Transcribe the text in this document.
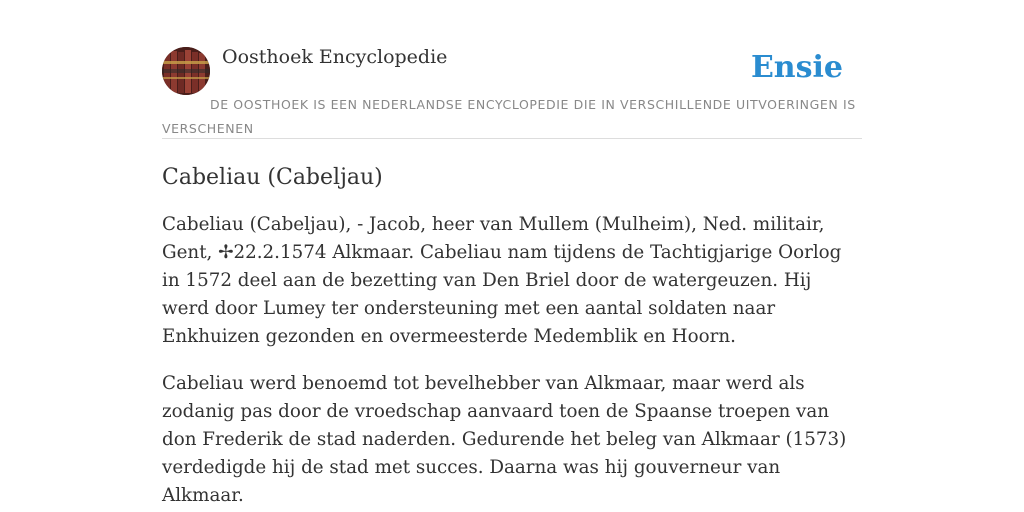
Oosthoek Encyclopedie	Ensie
DE OOSTHOEK IS EEN NEDERLANDSE ENCYCLOPEDIE DIE IN VERSCHILLENDE UITVOERINGEN IS VERSCHENEN
Cabeliau (Cabeljau)

Cabeliau (Cabeljau), - Jacob, heer van Mullem (Mulheim), Ned. militair, Gent, ✢22.2.1574 Alkmaar. Cabeliau nam tijdens de Tachtigjarige Oorlog in 1572 deel aan de bezetting van Den Briel door de watergeuzen. Hij werd door Lumey ter ondersteuning met een aantal soldaten naar Enkhuizen gezonden en overmeesterde Medemblik en Hoorn.

Cabeliau werd benoemd tot bevelhebber van Alkmaar, maar werd als zodanig pas door de vroedschap aanvaard toen de Spaanse troepen van don Frederik de stad naderden. Gedurende het beleg van Alkmaar (1573) verdedigde hij de stad met succes. Daarna was hij gouverneur van Alkmaar.
